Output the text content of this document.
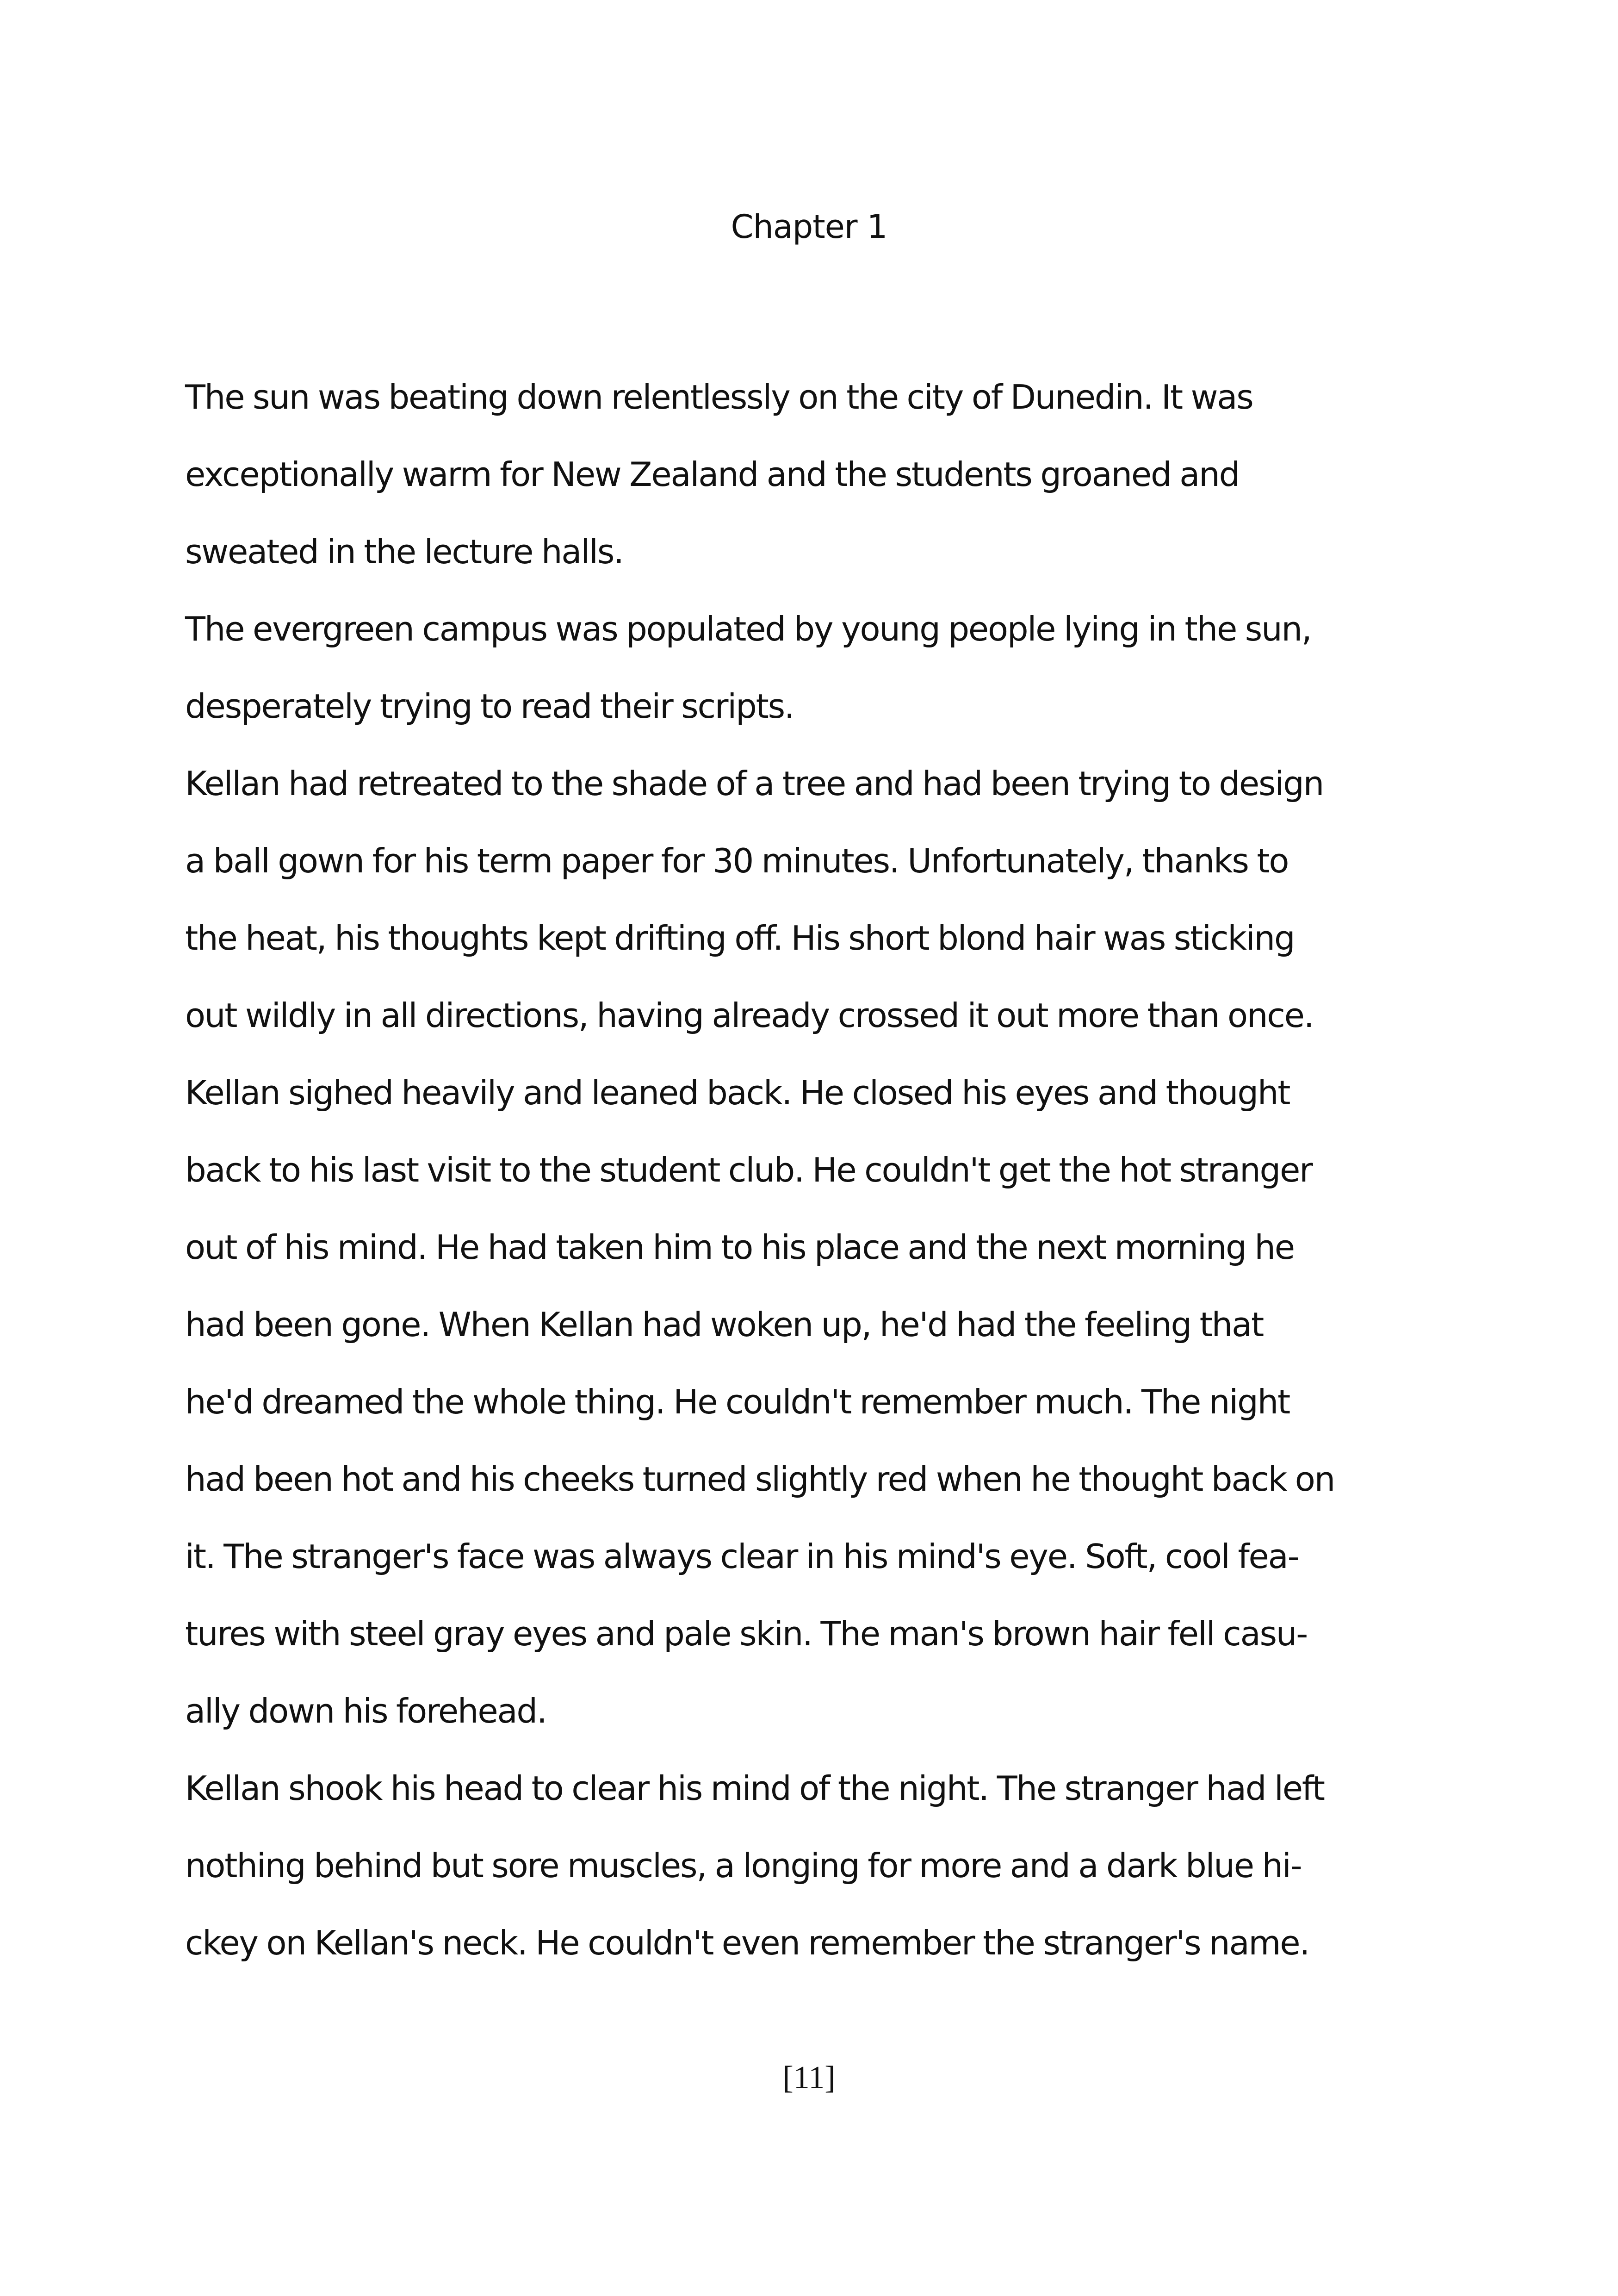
Chapter 1
The sun was beating down relentlessly on the city of Dunedin. It was
exceptionally warm for New Zealand and the students groaned and
sweated in the lecture halls.
The evergreen campus was populated by young people lying in the sun,
desperately trying to read their scripts.
Kellan had retreated to the shade of a tree and had been trying to design
a ball gown for his term paper for 30 minutes. Unfortunately, thanks to
the heat, his thoughts kept drifting off. His short blond hair was sticking
out wildly in all directions, having already crossed it out more than once.
Kellan sighed heavily and leaned back. He closed his eyes and thought
back to his last visit to the student club. He couldn't get the hot stranger
out of his mind. He had taken him to his place and the next morning he
had been gone. When Kellan had woken up, he'd had the feeling that
he'd dreamed the whole thing. He couldn't remember much. The night
had been hot and his cheeks turned slightly red when he thought back on
it. The stranger's face was always clear in his mind's eye. Soft, cool fea-
tures with steel gray eyes and pale skin. The man's brown hair fell casu-
ally down his forehead.
Kellan shook his head to clear his mind of the night. The stranger had left
nothing behind but sore muscles, a longing for more and a dark blue hi-
ckey on Kellan's neck. He couldn't even remember the stranger's name.
[11]
